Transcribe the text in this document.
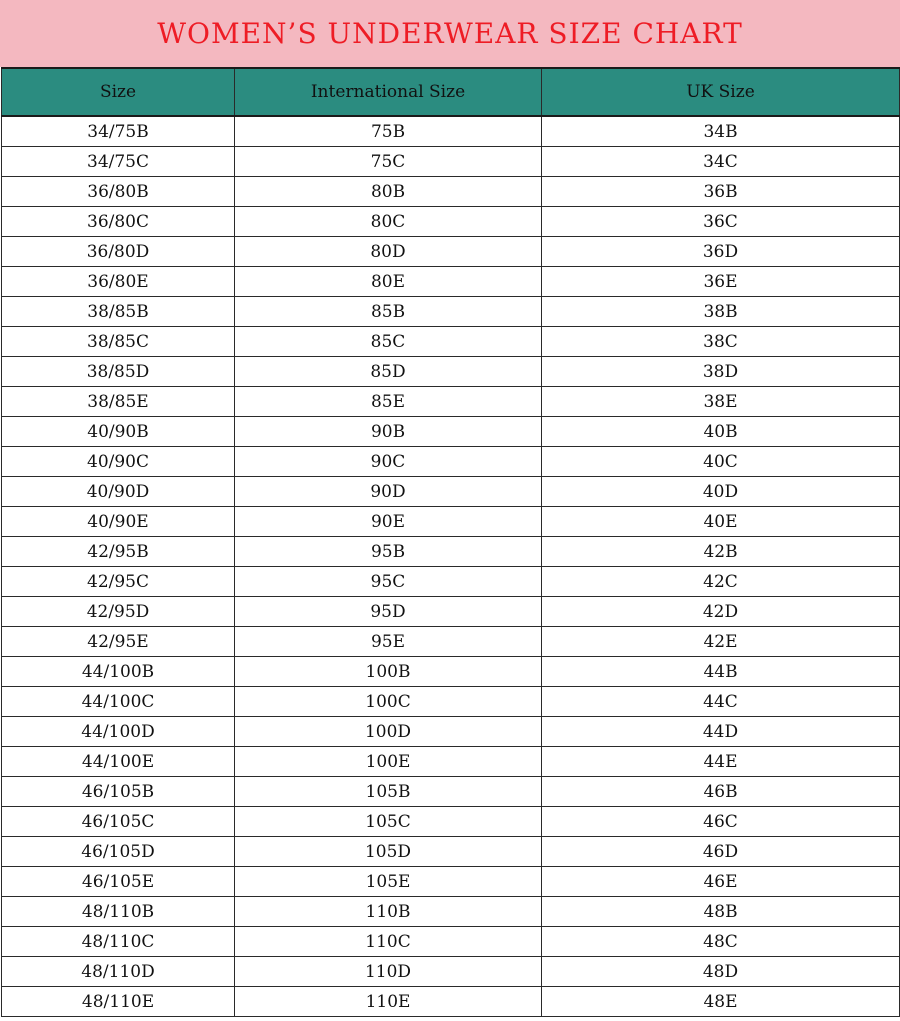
WOMEN’S UNDERWEAR SIZE CHART
Size	International Size	UK Size
34/75B	75B	34B
34/75C	75C	34C
36/80B	80B	36B
36/80C	80C	36C
36/80D	80D	36D
36/80E	80E	36E
38/85B	85B	38B
38/85C	85C	38C
38/85D	85D	38D
38/85E	85E	38E
40/90B	90B	40B
40/90C	90C	40C
40/90D	90D	40D
40/90E	90E	40E
42/95B	95B	42B
42/95C	95C	42C
42/95D	95D	42D
42/95E	95E	42E
44/100B	100B	44B
44/100C	100C	44C
44/100D	100D	44D
44/100E	100E	44E
46/105B	105B	46B
46/105C	105C	46C
46/105D	105D	46D
46/105E	105E	46E
48/110B	110B	48B
48/110C	110C	48C
48/110D	110D	48D
48/110E	110E	48E
